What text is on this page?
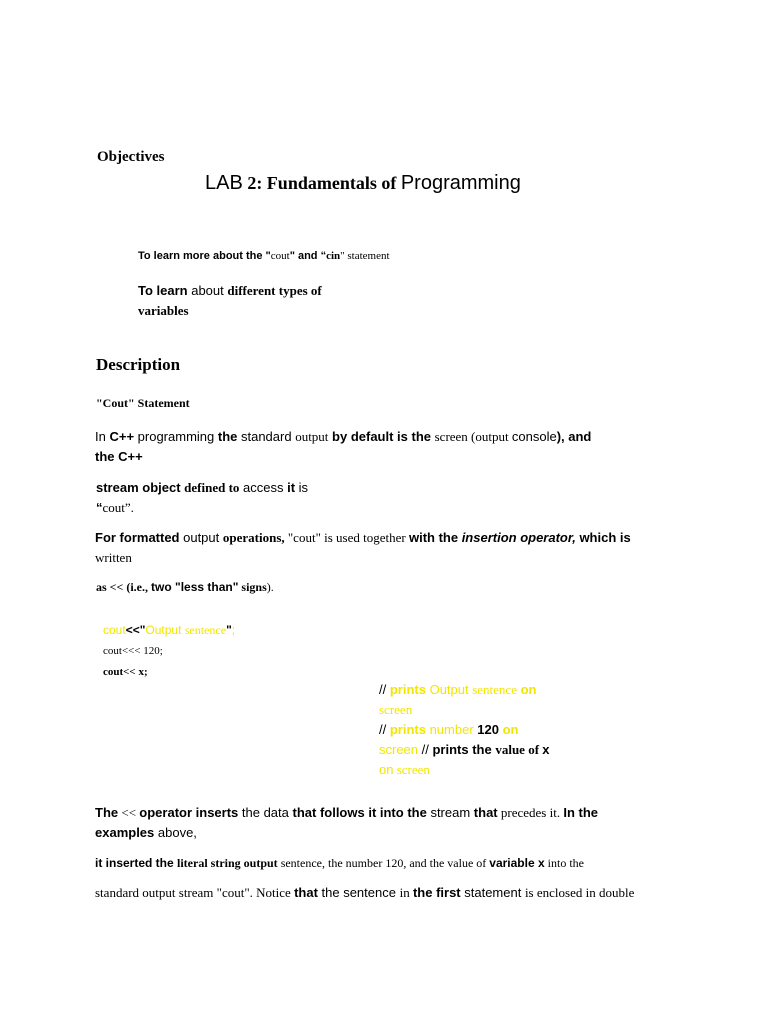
Objectives
LAB 2: Fundamentals of Programming
To learn more about the "cout" and “cin" statement
To learn about different types of
variables
Description
"Cout" Statement
In C++ programming the standard output by default is the screen (output console), and
the C++
stream object defined to access it is
“cout”.
For formatted output operations, "cout" is used together with the insertion operator, which is
written
as << (i.e., two "less than" signs).
cout<<"Output sentence";
cout<<< 120;
cout<< x;
// prints Output sentence on
screen
// prints number 120 on
screen // prints the value of x
on screen
The << operator inserts the data that follows it into the stream that precedes it. In the
examples above,
it inserted the literal string output sentence, the number 120, and the value of variable x into the
standard output stream "cout". Notice that the sentence in the first statement is enclosed in double
